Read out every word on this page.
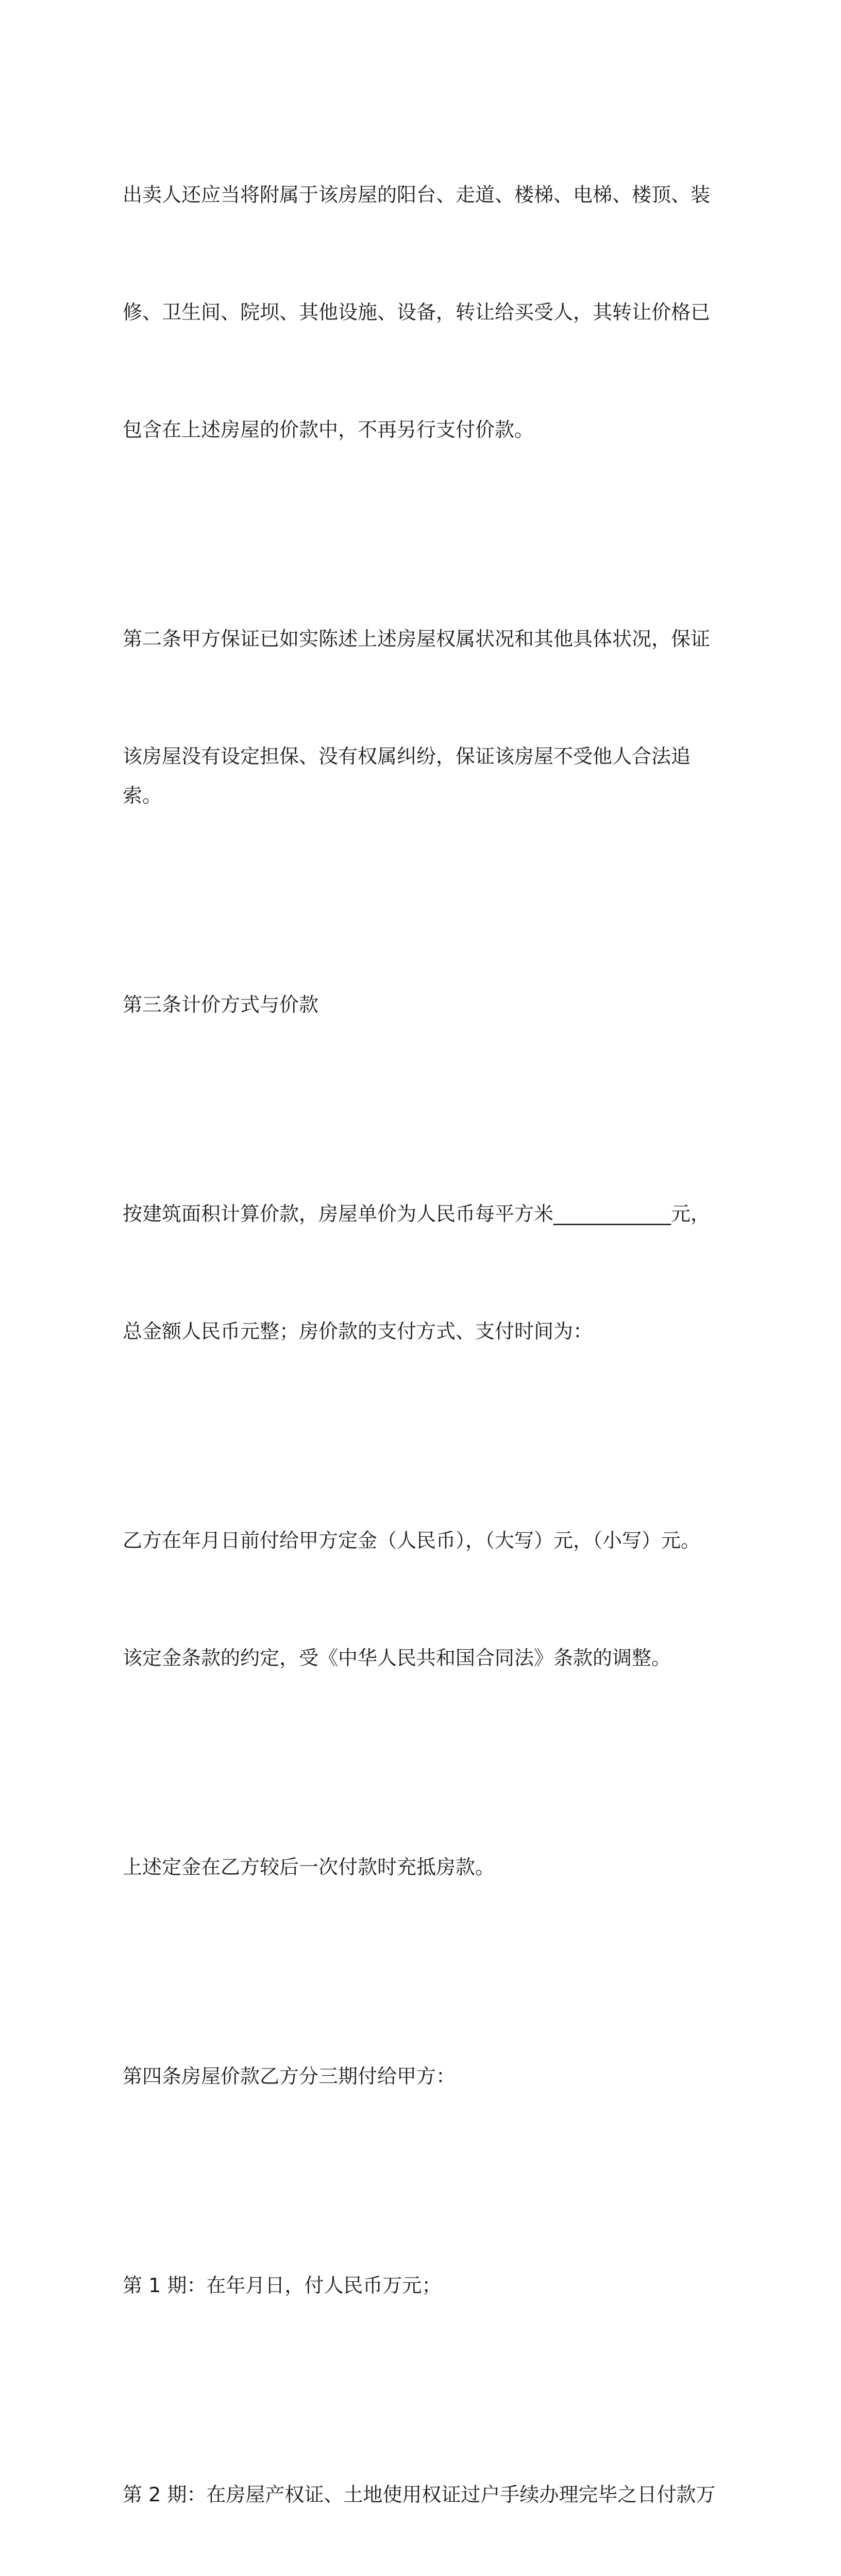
出卖人还应当将附属于该房屋的阳台、走道、楼梯、电梯、楼顶、装

修、卫生间、院坝、其他设施、设备，转让给买受人，其转让价格已

包含在上述房屋的价款中，不再另行支付价款。

第二条甲方保证已如实陈述上述房屋权属状况和其他具体状况，保证

该房屋没有设定担保、没有权属纠纷，保证该房屋不受他人合法追索。

第三条计价方式与价款

按建筑面积计算价款，房屋单价为人民币每平方米____________元，

总金额人民币元整；房价款的支付方式、支付时间为：

乙方在年月日前付给甲方定金（人民币），（大写）元，（小写）元。

该定金条款的约定，受《中华人民共和国合同法》条款的调整。

上述定金在乙方较后一次付款时充抵房款。

第四条房屋价款乙方分三期付给甲方：

第 1 期：在年月日，付人民币万元；

第 2 期：在房屋产权证、土地使用权证过户手续办理完毕之日付款万
